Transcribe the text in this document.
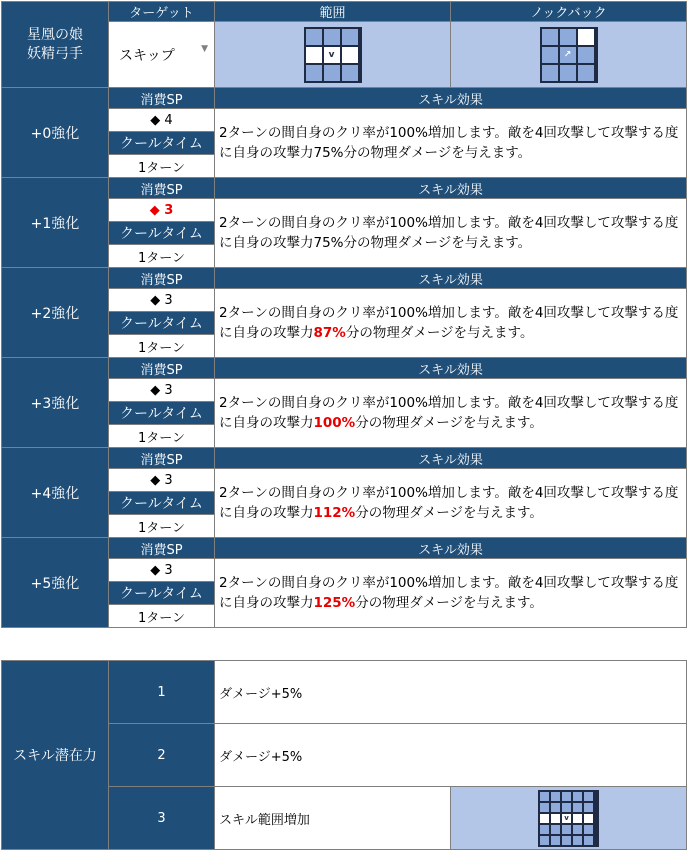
星凰の娘
妖精弓手	ターゲット	範囲	ノックバック
	スキップ ▼	v	↗

+0強化	消費SP	スキル効果	
	◆ 4	2ターンの間自身のクリ率が100%増加します。敵を4回攻撃して攻撃する度に自身の攻撃力75%分の物理ダメージを与えます。	
	クールタイム		
	1ターン		
+1強化	消費SP	スキル効果	
	◆ 3	2ターンの間自身のクリ率が100%増加します。敵を4回攻撃して攻撃する度に自身の攻撃力75%分の物理ダメージを与えます。	
	クールタイム		
	1ターン		
+2強化	消費SP	スキル効果	
	◆ 3	2ターンの間自身のクリ率が100%増加します。敵を4回攻撃して攻撃する度に自身の攻撃力87%分の物理ダメージを与えます。	
	クールタイム		
	1ターン		
+3強化	消費SP	スキル効果	
	◆ 3	2ターンの間自身のクリ率が100%増加します。敵を4回攻撃して攻撃する度に自身の攻撃力100%分の物理ダメージを与えます。	
	クールタイム		
	1ターン		
+4強化	消費SP	スキル効果	
	◆ 3	2ターンの間自身のクリ率が100%増加します。敵を4回攻撃して攻撃する度に自身の攻撃力112%分の物理ダメージを与えます。	
	クールタイム		
	1ターン		
+5強化	消費SP	スキル効果	
	◆ 3	2ターンの間自身のクリ率が100%増加します。敵を4回攻撃して攻撃する度に自身の攻撃力125%分の物理ダメージを与えます。	
	クールタイム		
	1ターン		
スキル潜在力	1	ダメージ+5%	
	2	ダメージ+5%	
	3	スキル範囲増加	v
